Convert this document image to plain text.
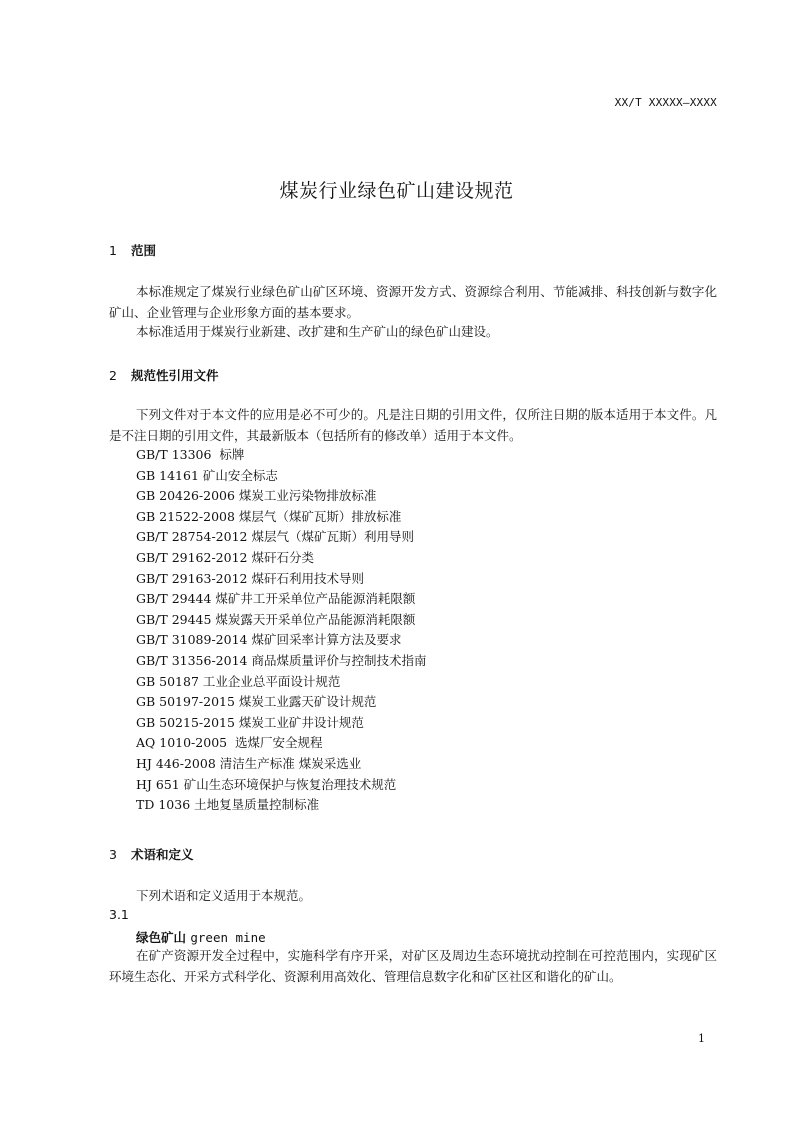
XX/T XXXXX—XXXX
煤炭行业绿色矿山建设规范
1 范围
本标准规定了煤炭行业绿色矿山矿区环境、资源开发方式、资源综合利用、节能减排、科技创新与数字化矿山、企业管理与企业形象方面的基本要求。
本标准适用于煤炭行业新建、改扩建和生产矿山的绿色矿山建设。
2 规范性引用文件
下列文件对于本文件的应用是必不可少的。凡是注日期的引用文件，仅所注日期的版本适用于本文件。凡是不注日期的引用文件，其最新版本（包括所有的修改单）适用于本文件。
GB/T 13306  标牌
GB 14161 矿山安全标志
GB 20426-2006 煤炭工业污染物排放标准
GB 21522-2008 煤层气（煤矿瓦斯）排放标准
GB/T 28754-2012 煤层气（煤矿瓦斯）利用导则
GB/T 29162-2012 煤矸石分类
GB/T 29163-2012 煤矸石利用技术导则
GB/T 29444 煤矿井工开采单位产品能源消耗限额
GB/T 29445 煤炭露天开采单位产品能源消耗限额
GB/T 31089-2014 煤矿回采率计算方法及要求
GB/T 31356-2014 商品煤质量评价与控制技术指南
GB 50187 工业企业总平面设计规范
GB 50197-2015 煤炭工业露天矿设计规范
GB 50215-2015 煤炭工业矿井设计规范
AQ 1010-2005  选煤厂安全规程
HJ 446-2008 清洁生产标准 煤炭采选业
HJ 651 矿山生态环境保护与恢复治理技术规范
TD 1036 土地复垦质量控制标准
3 术语和定义
下列术语和定义适用于本规范。
3.1
绿色矿山 green mine
在矿产资源开发全过程中，实施科学有序开采，对矿区及周边生态环境扰动控制在可控范围内，实现矿区环境生态化、开采方式科学化、资源利用高效化、管理信息数字化和矿区社区和谐化的矿山。
1
